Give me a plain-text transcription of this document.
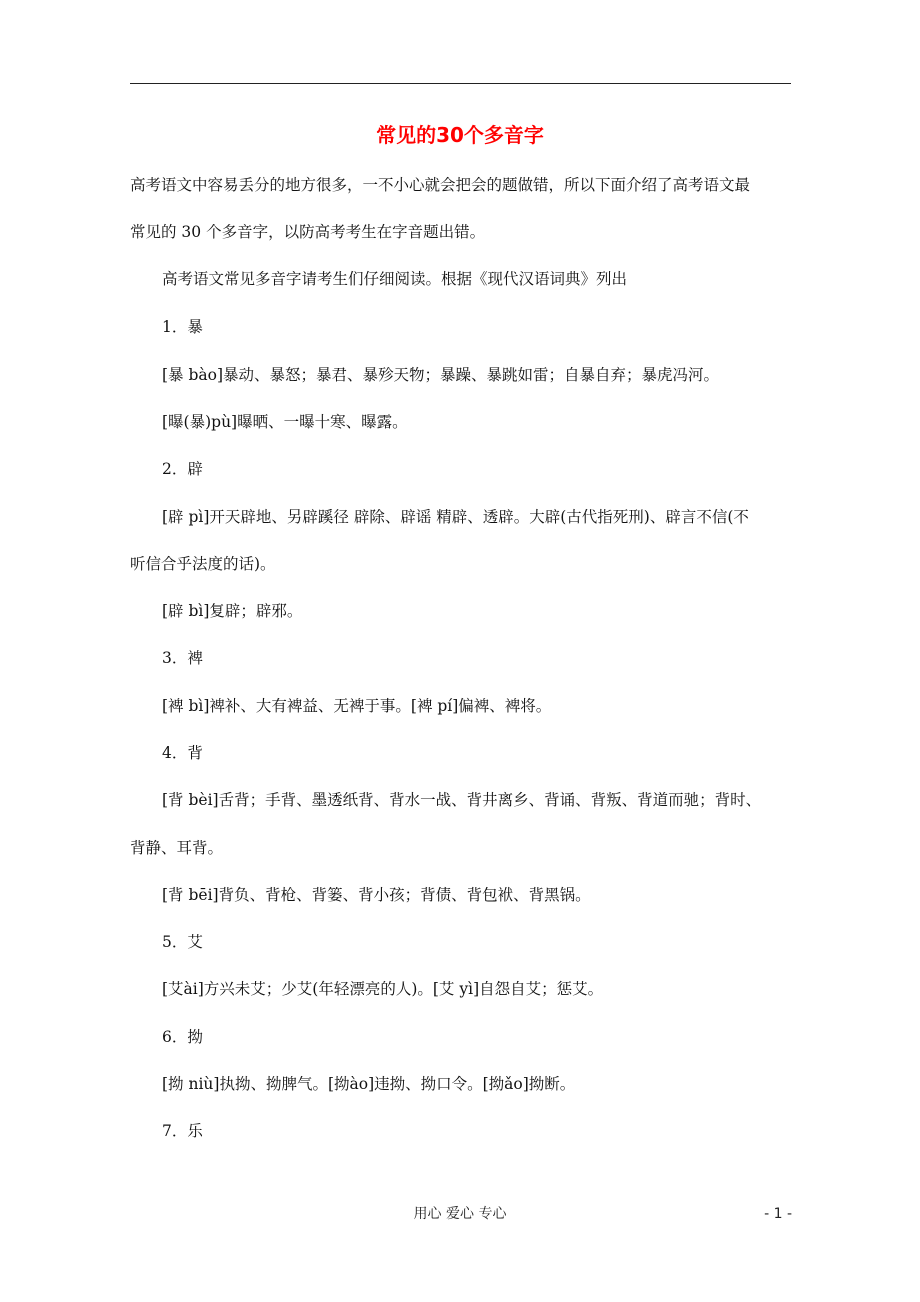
常见的30个多音字
高考语文中容易丢分的地方很多，一不小心就会把会的题做错，所以下面介绍了高考语文最
常见的 30 个多音字，以防高考考生在字音题出错。
高考语文常见多音字请考生们仔细阅读。根据《现代汉语词典》列出
1．暴
[暴 bào]暴动、暴怒；暴君、暴殄天物；暴躁、暴跳如雷；自暴自弃；暴虎冯河。
[曝(暴)pù]曝晒、一曝十寒、曝露。
2．辟
[辟 pì]开天辟地、另辟蹊径 辟除、辟谣 精辟、透辟。大辟(古代指死刑)、辟言不信(不
听信合乎法度的话)。
[辟 bì]复辟；辟邪。
3．裨
[裨 bì]裨补、大有裨益、无裨于事。[裨 pí]偏裨、裨将。
4．背
[背 bèi]舌背；手背、墨透纸背、背水一战、背井离乡、背诵、背叛、背道而驰；背时、
背静、耳背。
[背 bēi]背负、背枪、背篓、背小孩；背债、背包袱、背黑锅。
5．艾
[艾ài]方兴未艾；少艾(年轻漂亮的人)。[艾 yì]自怨自艾；惩艾。
6．拗
[拗 niù]执拗、拗脾气。[拗ào]违拗、拗口令。[拗ǎo]拗断。
7．乐
用心 爱心 专心	- 1 -
